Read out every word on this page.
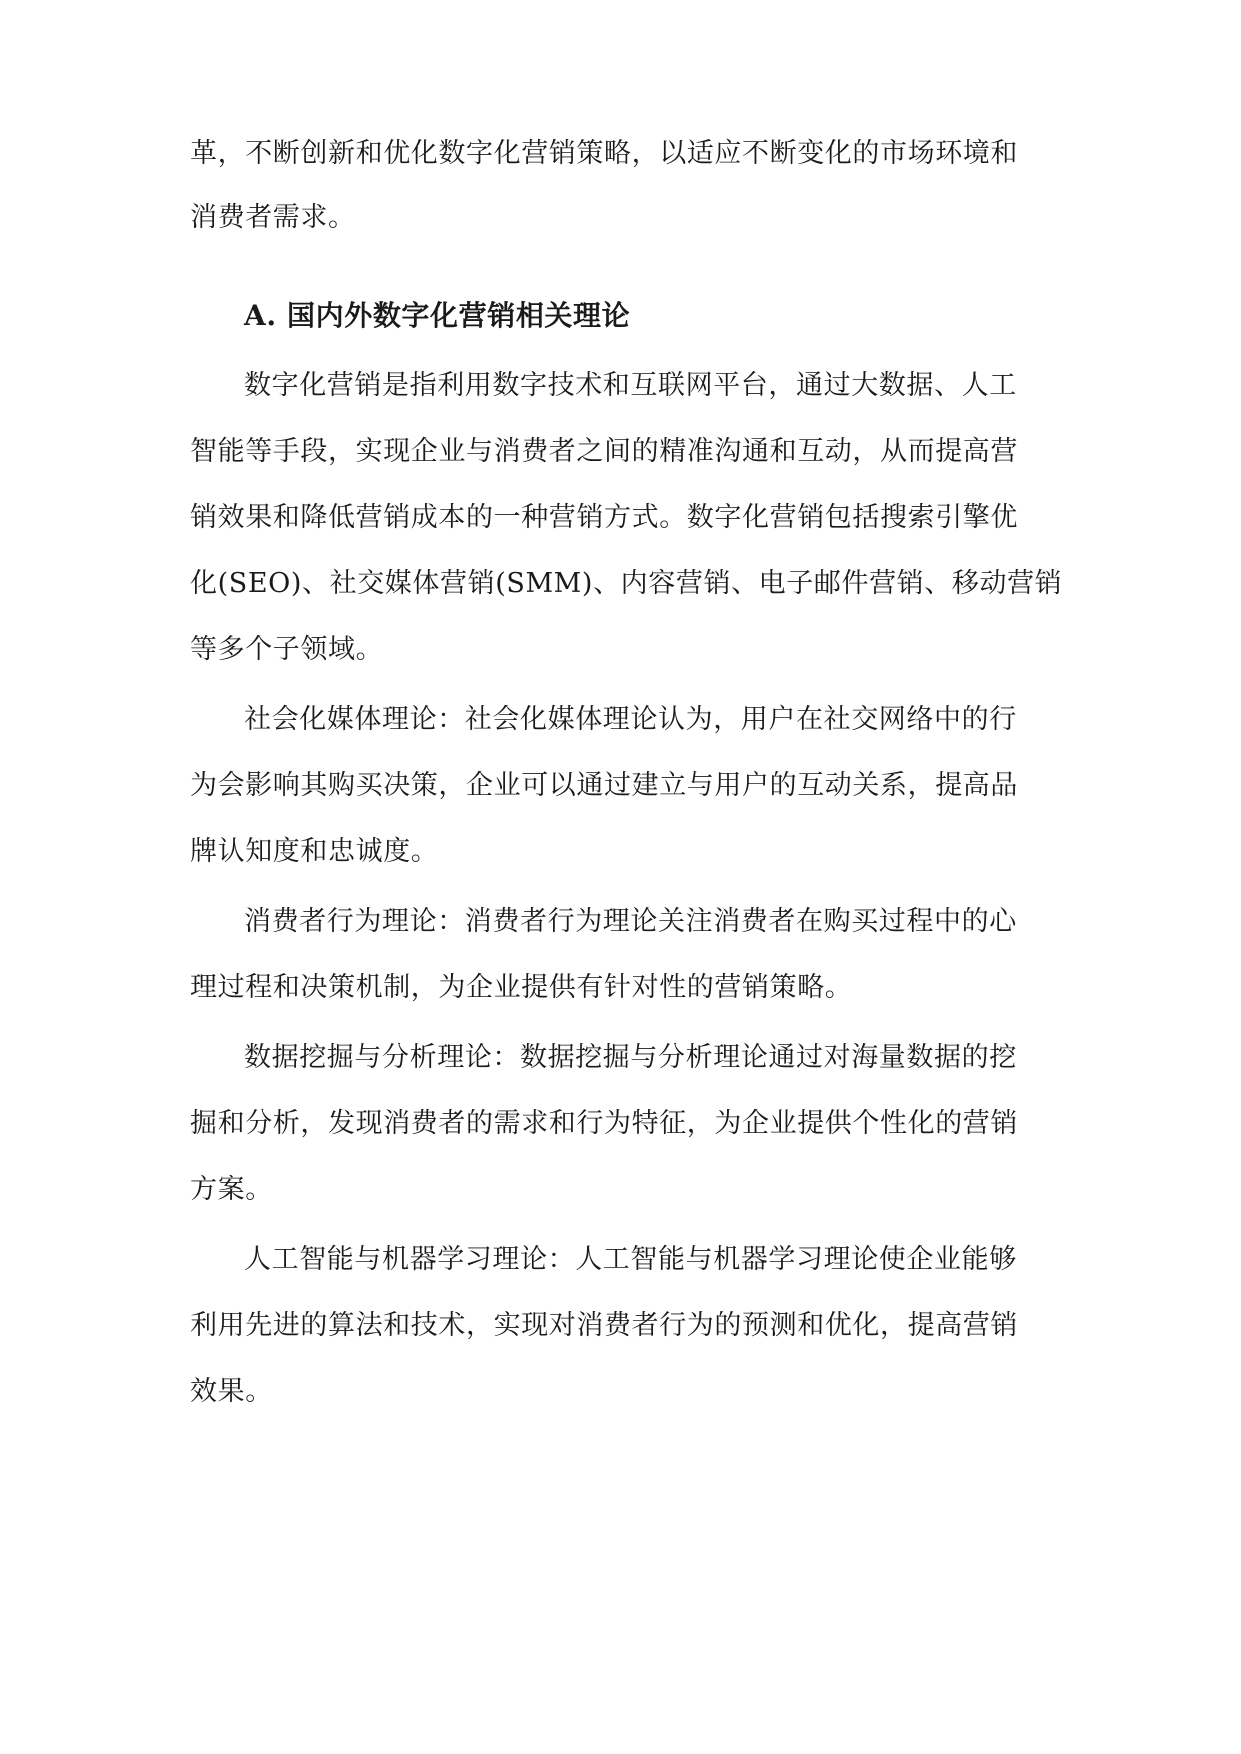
革，不断创新和优化数字化营销策略，以适应不断变化的市场环境和

消费者需求。

A. 国内外数字化营销相关理论

数字化营销是指利用数字技术和互联网平台，通过大数据、人工

智能等手段，实现企业与消费者之间的精准沟通和互动，从而提高营

销效果和降低营销成本的一种营销方式。数字化营销包括搜索引擎优

化(SEO)、社交媒体营销(SMM)、内容营销、电子邮件营销、移动营销

等多个子领域。

社会化媒体理论：社会化媒体理论认为，用户在社交网络中的行

为会影响其购买决策，企业可以通过建立与用户的互动关系，提高品

牌认知度和忠诚度。

消费者行为理论：消费者行为理论关注消费者在购买过程中的心

理过程和决策机制，为企业提供有针对性的营销策略。

数据挖掘与分析理论：数据挖掘与分析理论通过对海量数据的挖

掘和分析，发现消费者的需求和行为特征，为企业提供个性化的营销

方案。

人工智能与机器学习理论：人工智能与机器学习理论使企业能够

利用先进的算法和技术，实现对消费者行为的预测和优化，提高营销

效果。
